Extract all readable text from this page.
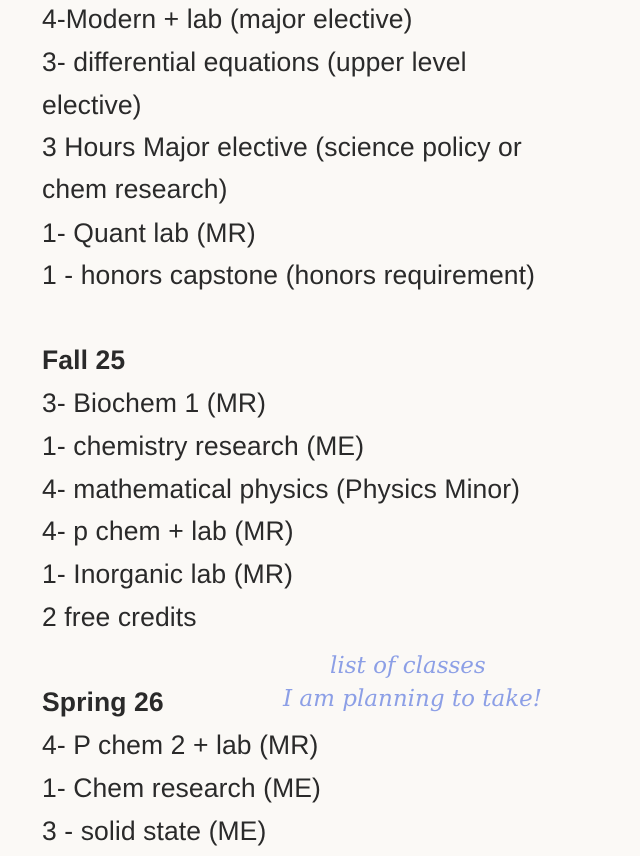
4-Modern + lab (major elective)
3- differential equations (upper level
elective)
3 Hours Major elective (science policy or
chem research)
1- Quant lab (MR)
1 - honors capstone (honors requirement)
Fall 25
3- Biochem 1 (MR)
1- chemistry research (ME)
4- mathematical physics (Physics Minor)
4- p chem + lab (MR)
1- Inorganic lab (MR)
2 free credits
list of classes
I am planning to take!
Spring 26
4- P chem 2 + lab (MR)
1- Chem research (ME)
3 - solid state (ME)
